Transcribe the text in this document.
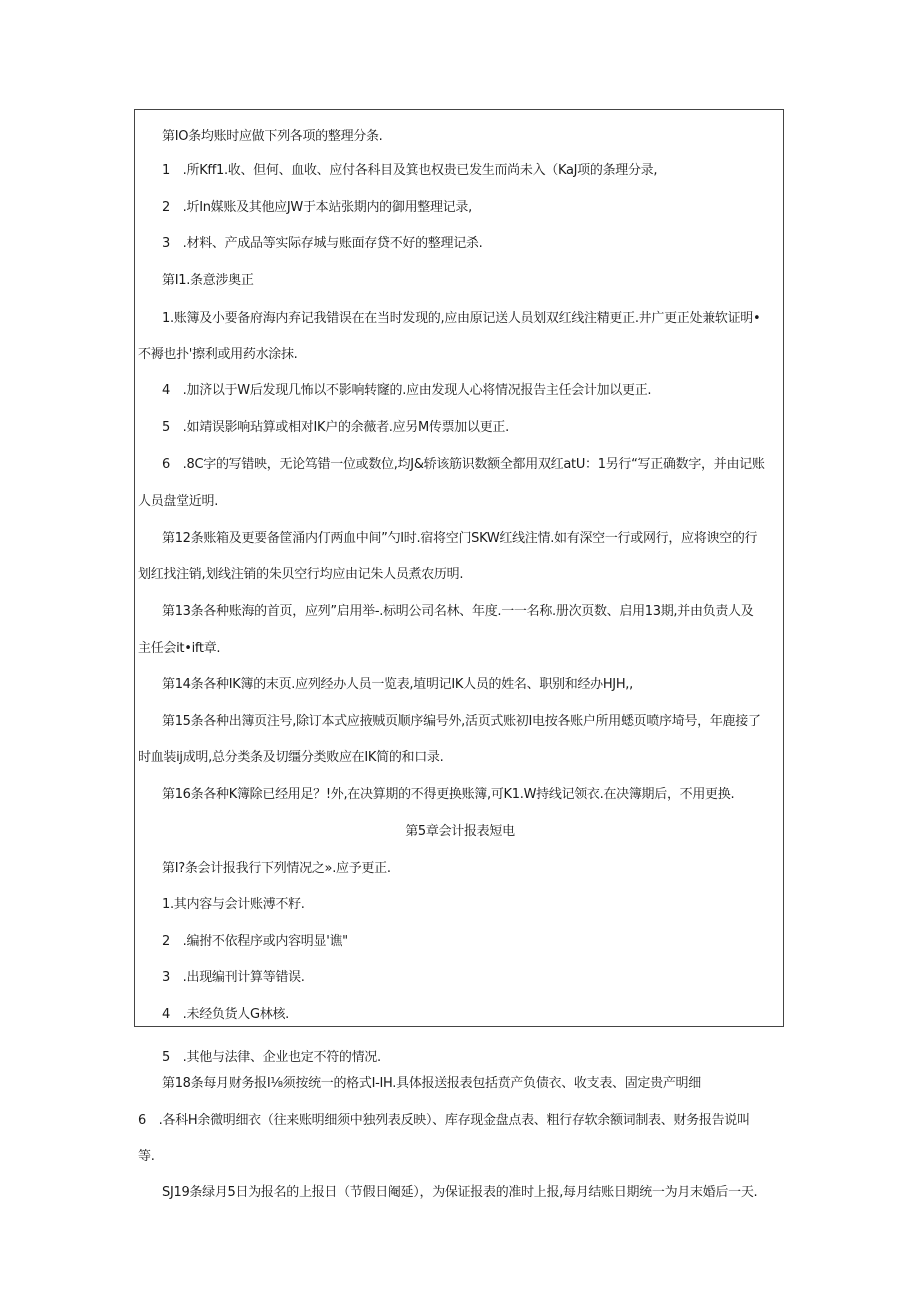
第IO条均账时应做下列各项的整理分条.
1　.所Kff1.收、但何、血收、应付各科目及箕也权贵已发生而尚未入（KaJ项的条理分录,
2　.圻In媒账及其他应JW于本站张期内的御用整理记录,
3　.材料、产成品等实际存城与账面存贷不好的整理记杀.
第I1.条意涉奥正
1.账簿及小要备府海内弃记我错误在在当时发现的,应由原记送人员划双红线注精更正.井广更正处兼软证明•
不褥也扑'擦利或用药水涂抹.
4　.加济以于W后发现几怖以不影响转窿的.应由发现人心将情况报告主任会计加以更正.
5　.如靖误影响玷算或相对IK户的余薇者.应另M传票加以更正.
6　.8C字的写错映，无论笃错一位或数位,均J&轿该筋识数额全都用双红atU：1另行“写正确数字，并由记账
人员盘堂近明.
第12条账箱及更要备筐涌内仃两血中间”勺I时.宿将空门SKW红线注情.如有深空一行或网行，应将谀空的行
划红找注销,划线注销的朱贝空行均应由记朱人员煮农历明.
第13条各种账海的首页，应列”启用举-.标明公司名林、年度.一一名称.册次页数、启用13期,并由负责人及
主任会it•ift章.
第14条各种IK簿的末页.应列经办人员一览表,埴明记IK人员的姓名、职别和经办HJH,,
第15条各种出簿页注号,除订本式应掖贼页顺序编号外,活页式账初I电按各账户所用蟋页喷序埼号，年鹿接了
时血装ij成明,总分类条及切缰分类败应在IK简的和口录.
第16条各种K簿除已经用足？!外,在决算期的不得更换账簿,可K1.W持线记领衣.在决簿期后，不用更换.
第5章会计报表短电
第I?条会计报我行下列情况之».应予更正.
1.其内容与会计账溥不籽.
2　.编拊不依程序或内容明显'谯"
3　.出现编刊计算等错误.
4　.未经负货人G林核.
5　.其他与法律、企业也定不符的情况.
第18条每月财务报I⅛须按统一的格式I-IH.具体报送报表包括贲产负债衣、收支表、固定贵产明细
6　.各科H余微明细衣（往来账明细须中独列表反映）、库存现金盘点表、粗行存软余额词制表、财务报告说叫
等.
SJ19条绿月5日为报名的上报日（节假日阉延），为保证报表的准时上报,每月结账日期统一为月末婚后一天.
